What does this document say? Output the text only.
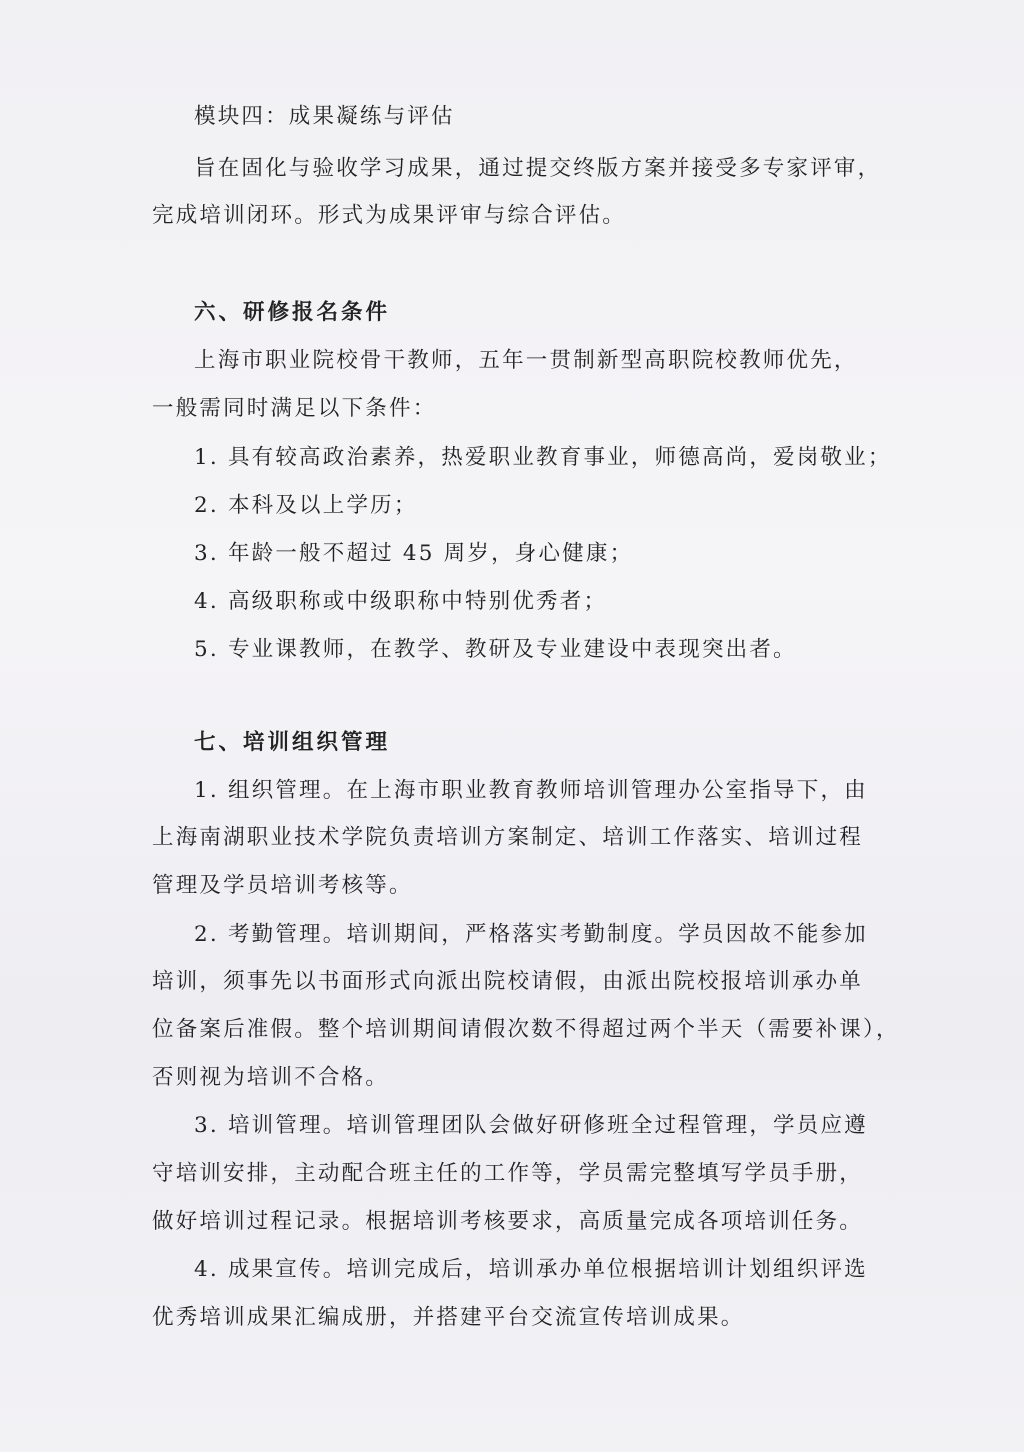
模块四：成果凝练与评估
旨在固化与验收学习成果，通过提交终版方案并接受多专家评审，
完成培训闭环。形式为成果评审与综合评估。
六、研修报名条件
上海市职业院校骨干教师，五年一贯制新型高职院校教师优先，
一般需同时满足以下条件：
1. 具有较高政治素养，热爱职业教育事业，师德高尚，爱岗敬业；
2. 本科及以上学历；
3. 年龄一般不超过 45 周岁，身心健康；
4. 高级职称或中级职称中特别优秀者；
5. 专业课教师，在教学、教研及专业建设中表现突出者。
七、培训组织管理
1. 组织管理。在上海市职业教育教师培训管理办公室指导下，由
上海南湖职业技术学院负责培训方案制定、培训工作落实、培训过程
管理及学员培训考核等。
2. 考勤管理。培训期间，严格落实考勤制度。学员因故不能参加
培训，须事先以书面形式向派出院校请假，由派出院校报培训承办单
位备案后准假。整个培训期间请假次数不得超过两个半天（需要补课），
否则视为培训不合格。
3. 培训管理。培训管理团队会做好研修班全过程管理，学员应遵
守培训安排，主动配合班主任的工作等，学员需完整填写学员手册，
做好培训过程记录。根据培训考核要求，高质量完成各项培训任务。
4. 成果宣传。培训完成后，培训承办单位根据培训计划组织评选
优秀培训成果汇编成册，并搭建平台交流宣传培训成果。
